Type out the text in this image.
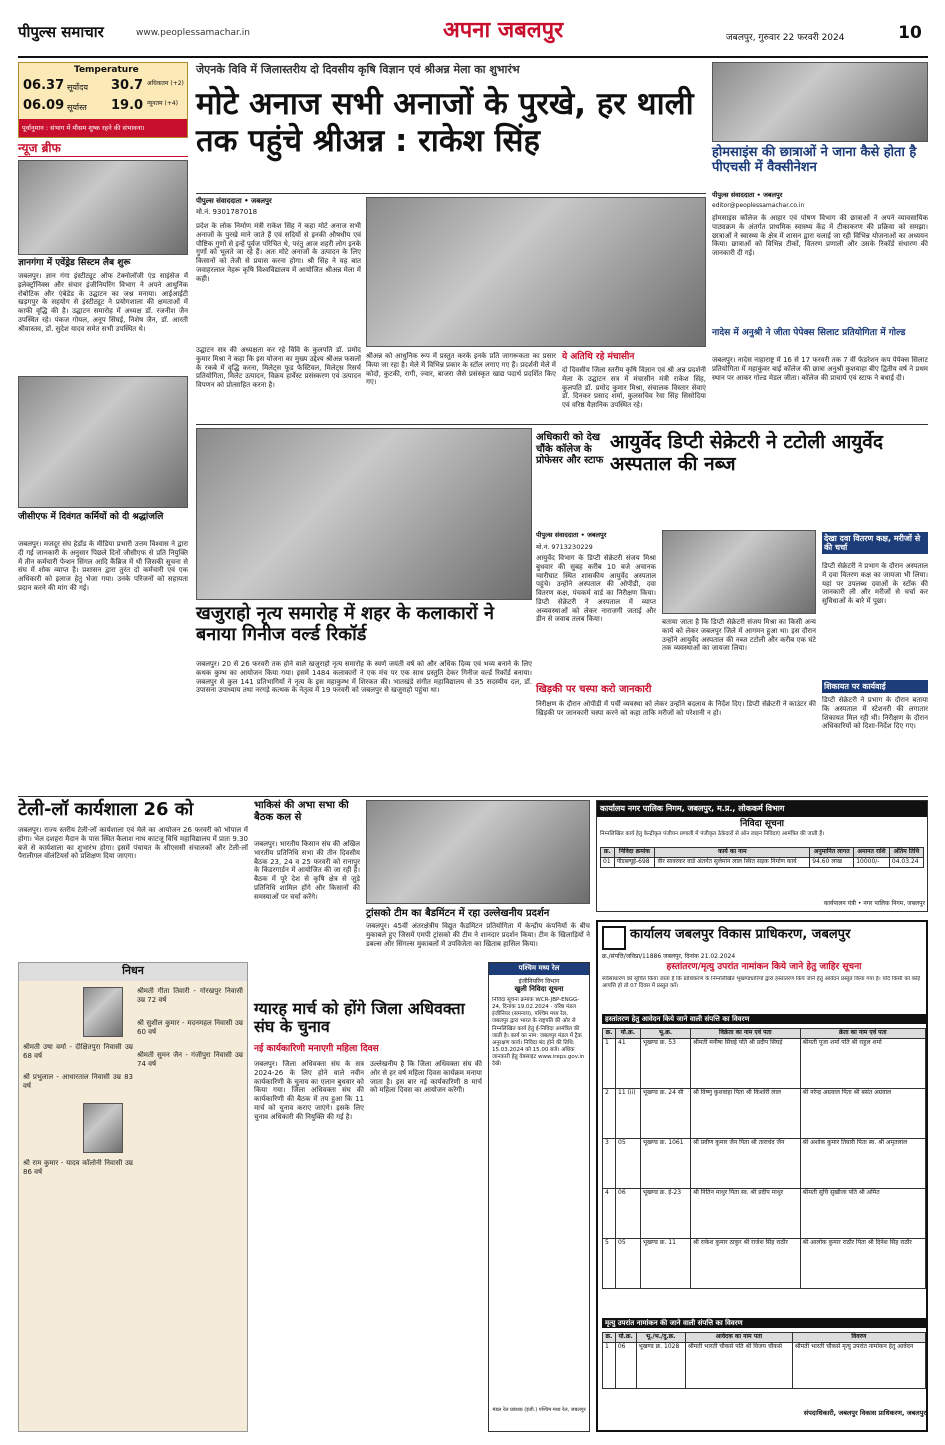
पीपुल्स समाचार	www.peoplessamachar.in	अपना जबलपुर	जबलपुर, गुरुवार 22 फरवरी 2024	10
Temperature
06.37 सूर्योदय 30.7 अधिकतम (+2)
06.09 सूर्यास्त 19.0 न्यूनतम (+4)
पूर्वानुमान : संभाग में मौसम शुष्क रहने की संभावना।
न्यूज ब्रीफ
ज्ञानगंगा में एवेंड्रेड सिस्टम लैब शुरू
जबलपुर। ज्ञान गंगा इंस्टीट्यूट ऑफ टेक्नोलॉजी एंड साइंसेज में इलेक्ट्रॉनिक्स और संचार इंजीनियरिंग विभाग ने अपने आधुनिक रोबोटिक और एंबेडेड के उद्घाटन का जश्न मनाया। आईआईटी खड़गपुर के सहयोग से इंस्टीट्यूट ने प्रयोगशाला की क्षमताओं में काफी वृद्धि की है। उद्घाटन समारोह में अध्यक्ष डॉ. रजनीश जैन उपस्थित रहे। पंकज गोयल, अनूप सिंघई, निशेष जैन, डॉ. आरती श्रीवास्तव, डॉ. सुदेश यादव समेत सभी उपस्थित थे।
जीसीएफ में दिवंगत कर्मियों को दी श्रद्धांजलि
जबलपुर। मजदूर संघ हेडोंड के मीडिया प्रभारी उत्तम विश्वास ने द्वारा दी गई जानकारी के अनुसार पिछले दिनों जीसीएफ से प्रति नियुक्ति में तीन कर्मचारी पेन्शन सिंगल आदि कैंब्रिज में थी जिसकी सूचना से संघ में शोक व्याप्त है। प्रशासन द्वारा तुरंत दो कर्मचारी एवं एक अधिकारी को इलाज हेतु भेजा गया। उनके परिजनों को सहायता प्रदान करने की मांग की गई।
जेएनके विवि में जिलास्तरीय दो दिवसीय कृषि विज्ञान एवं श्रीअन्न मेला का शुभारंभ
मोटे अनाज सभी अनाजों के पुरखे, हर थाली तक पहुंचे श्रीअन्न : राकेश सिंह
पीपुल्स संवाददाता • जबलपुर
मो.नं. 9301787018
प्रदेश के लोक निर्माण मंत्री राकेश सिंह ने कहा मोटे अनाज सभी अनाजों के पुरखे माने जाते हैं एवं सदियों से इनकी औषधीय एवं पौष्टिक गुणों से इन्हें पूर्वज परिचित थे, परंतु आज शहरी लोग इनके गुणों को भूलते जा रहे हैं। अतः मोटे अनाजों के उत्पादन के लिए किसानों को तेजी से प्रयास करना होगा। श्री सिंह ने यह बात जवाहरलाल नेहरू कृषि विश्वविद्यालय में आयोजित श्रीअन्न मेला में कही।
उद्घाटन सत्र की अध्यक्षता कर रहे विवि के कुलपति डॉ. प्रमोद कुमार मिश्रा ने कहा कि इस योजना का मुख्य उद्देश्य श्रीअन्न फसलों के रकबे में वृद्धि करना, मिलेट्स फूड फेस्टिवल, मिलेट्स रिसर्च प्रतियोगिता, मिलेट उत्पादन, विक्रय हार्वेस्ट प्रसंस्करण एवं उत्पादन विपणन को प्रोत्साहित करना है।
श्रीअन्न को आधुनिक रूप में प्रस्तुत करके इनके प्रति जागरूकता का प्रसार किया जा रहा है। मेले में विभिन्न प्रकार के स्टॉल लगाए गए हैं। प्रदर्शनी मेले में कोदो, कुटकी, रागी, ज्वार, बाजरा जैसे प्रसंस्कृत खाद्य पदार्थ प्रदर्शित किए गए।
ये अतिथि रहे मंचासीन
दो दिवसीय जिला स्तरीय कृषि विज्ञान एवं श्री अन्न प्रदर्शनी मेला के उद्घाटन सत्र में मंचासीन मंत्री राकेश सिंह, कुलपति डॉ. प्रमोद कुमार मिश्रा, संचालक विस्तार सेवाएं डॉ. दिनकर प्रसाद शर्मा, कुलसचिव रेवा सिंह सिसोदिया एवं वरिष्ठ वैज्ञानिक उपस्थित रहे।
होमसाइंस की छात्राओं ने जाना कैसे होता है पीएचसी में वैक्सीनेशन
पीपुल्स संवाददाता • जबलपुर
editor@peoplessamachar.co.in
होमसाइंस कॉलेज के आहार एवं पोषण विभाग की छात्राओं ने अपने व्यावसायिक पाठ्यक्रम के अंतर्गत प्राथमिक स्वास्थ्य केंद्र में टीकाकरण की प्रक्रिया को समझा। छात्राओं ने स्वास्थ्य के क्षेत्र में शासन द्वारा चलाई जा रही विभिन्न योजनाओं का अध्ययन किया। छात्राओं को विभिन्न टीकों, वितरण प्रणाली और उसके रिकॉर्ड संधारण की जानकारी दी गई।
नादेस में अनुश्री ने जीता पेपेक्स सिलाट प्रतियोगिता में गोल्ड
जबलपुर। नादेस नाहाराष्ट्र में 16 से 17 फरवरी तक 7 वीं फेडरेशन कप पेपेक्स सिलाट प्रतियोगिता में महाकुंवर बाई कॉलेज की छात्रा अनुश्री कुशवाहा बीए द्वितीय वर्ष ने प्रथम स्थान पर आकर गोल्ड मेडल जीता। कॉलेज की प्राचार्य एवं स्टाफ ने बधाई दी।
खजुराहो नृत्य समारोह में शहर के कलाकारों ने बनाया गिनीज वर्ल्ड रिकॉर्ड
जबलपुर। 20 से 26 फरवरी तक होने वाले खजुराहो नृत्य समारोह के स्वर्ण जयंती वर्ष को और अधिक दिव्य एवं भव्य बनाने के लिए कथक कुम्भ का आयोजन किया गया। इसमें 1484 कलाकारों ने एक मंच पर एक साथ प्रस्तुति देकर गिनीज वर्ल्ड रिकॉर्ड बनाया। जबलपुर से कुल 141 प्रतिभागियों ने नृत्य के इस महाकुम्भ में शिरकत की। भातखंडे संगीत महाविद्यालय से 35 सदस्यीय दल, डॉ. उपासना उपाध्याय तथा नरगड़े कत्थक के नेतृत्व में 19 फरवरी को जबलपुर से खजुराहो पहुंचा था।
अधिकारी को देख चौंके कॉलेज के प्रोफेसर और स्टाफ
आयुर्वेद डिप्टी सेक्रेटरी ने टटोली आयुर्वेद अस्पताल की नब्ज
पीपुल्स संवाददाता • जबलपुर
मो.नं. 9713230229
आयुर्वेद विभाग के डिप्टी सेक्रेटरी संजय मिश्रा बुधवार की सुबह करीब 10 बजे अचानक ग्वारीघाट स्थित शासकीय आयुर्वेद अस्पताल पहुंचे। उन्होंने अस्पताल की ओपीडी, दवा वितरण कक्ष, पंचकर्म वार्ड का निरीक्षण किया। डिप्टी सेक्रेटरी ने अस्पताल में व्याप्त अव्यवस्थाओं को लेकर नाराजगी जताई और डीन से जवाब तलब किया।	बताया जाता है कि डिप्टी सेक्रेटरी संजय मिश्रा का किसी अन्य कार्य को लेकर जबलपुर जिले में आगमन हुआ था। इस दौरान उन्होंने आयुर्वेद अस्पताल की नब्ज टटोली और करीब एक घंटे तक व्यवस्थाओं का जायजा लिया।
खिड़की पर चस्पा करो जानकारी
निरीक्षण के दौरान ओपीडी में पर्ची व्यवस्था को लेकर उन्होंने बदलाव के निर्देश दिए। डिप्टी सेक्रेटरी ने काउंटर की खिड़की पर जानकारी चस्पा करने को कहा ताकि मरीजों को परेशानी न हो।
देखा दवा वितरण कक्ष, मरीजों से की चर्चा
डिप्टी सेक्रेटरी ने प्रभाग के दौरान अस्पताल में दवा वितरण कक्ष का जायजा भी लिया। यहां पर उपलब्ध दवाओं के स्टॉक की जानकारी ली और मरीजों से चर्चा कर सुविधाओं के बारे में पूछा।
शिकायत पर कार्यवाई
डिप्टी सेक्रेटरी ने प्रभाग के दौरान बताया कि अस्पताल में स्टेशनरी की लगातार शिकायत मिल रही थी। निरीक्षण के दौरान अधिकारियों को दिशा-निर्देश दिए गए।
टेली-लॉ कार्यशाला 26 को
जबलपुर। राज्य स्तरीय टेली-लॉ कार्यशाला एवं मेले का आयोजन 26 फरवरी को भोपाल में होगा। भेल दशहरा मैदान के पास स्थित कैलाश नाथ काटजू विधि महाविद्यालय में प्रातः 9.30 बजे से कार्यशाला का शुभारंभ होगा। इसमें पंचायत के सीएससी संचालकों और टेली-लॉ पैरालीगल वॉलंटियर्स को प्रशिक्षण दिया जाएगा।
भाकिसं की अभा सभा की बैठक कल से
जबलपुर। भारतीय किसान संघ की अखिल भारतीय प्रतिनिधि सभा की तीन दिवसीय बैठक 23, 24 व 25 फरवरी को रानापुर के किंडरगार्डन में आयोजित की जा रही है। बैठक में पूरे देश से कृषि क्षेत्र से जुड़े प्रतिनिधि शामिल होंगे और किसानों की समस्याओं पर चर्चा करेंगे।
ट्रांसको टीम का बैडमिंटन में रहा उल्लेखनीय प्रदर्शन
जबलपुर। 45वीं अंतरक्षेत्रीय विद्युत कैडमिंटन प्रतियोगिता में केन्द्रीय कंपनियों के बीच मुकाबले हुए जिसमें एमपी ट्रांसको की टीम ने शानदार प्रदर्शन किया। टीम के खिलाड़ियों ने डबल्स और सिंगल्स मुकाबलों में उपविजेता का खिताब हासिल किया।
कार्यालय नगर पालिक निगम, जबलपुर, म.प्र., लोककर्म विभाग
निविदा सूचना
निम्नलिखित कार्य हेतु केन्द्रीकृत पंजीयन प्रणाली में पंजीकृत ठेकेदारों से ऑन लाइन निविदाएं आमंत्रित की जाती हैं।
क्र.	निविदा क्रमांक	कार्य का नाम	अनुमानित लागत	अमानत राशि	अंतिम तिथि
01	पीडब्ल्यूई-698	वीर सावरकर वार्ड अंतर्गत सुलेमान लाल स्थित सड़क निर्माण कार्य	94.60 लाख	10000/-	04.03.24
कार्यपालन यंत्री • नगर पालिक निगम, जबलपुर
निधन
श्रीमती उषा वर्मा - दीक्षितपुरा निवासी उम्र 68 वर्ष
श्री प्रभुलाल - आधारताल निवासी उम्र 83 वर्ष
श्री राम कुमार - यादव कॉलोनी निवासी उम्र 86 वर्ष
श्रीमती गीता तिवारी - गोरखपुर निवासी उम्र 72 वर्ष
श्री सुशील कुमार - मदनमहल निवासी उम्र 60 वर्ष
श्रीमती सुमन जैन - गंजीपुरा निवासी उम्र 74 वर्ष
ग्यारह मार्च को होंगे जिला अधिवक्ता संघ के चुनाव
नई कार्यकारिणी मनाएगी महिला दिवस
जबलपुर। जिला अधिवक्ता संघ के सत्र 2024-26 के लिए होने वाले नवीन कार्यकारिणी के चुनाव का एलान बुधवार को किया गया। जिला अधिवक्ता संघ की कार्यकारिणी की बैठक में तय हुआ कि 11 मार्च को चुनाव कराए जाएंगे। इसके लिए चुनाव अधिकारी की नियुक्ति की गई है।
उल्लेखनीय है कि जिला अधिवक्ता संघ की ओर से हर वर्ष महिला दिवस कार्यक्रम मनाया जाता है। इस बार नई कार्यकारिणी 8 मार्च को महिला दिवस का आयोजन करेगी।
पश्चिम मध्य रेल
इंजीनियरिंग विभाग
खुली निविदा सूचना
निविदा सूचना क्रमांक WCR-JBP-ENGG-24, दिनांक 19.02.2024 - वरिष्ठ मंडल इंजीनियर (समन्वय), पश्चिम मध्य रेल, जबलपुर द्वारा भारत के राष्ट्रपति की ओर से निम्नलिखित कार्य हेतु ई-निविदा आमंत्रित की जाती है। कार्य का नाम: जबलपुर मंडल में ट्रैक अनुरक्षण कार्य। निविदा बंद होने की तिथि: 15.03.2024 को 15.00 बजे। अधिक जानकारी हेतु वेबसाइट www.ireps.gov.in देखें।
मंडल रेल प्रबंधक (इंजी.) पश्चिम मध्य रेल, जबलपुर
कार्यालय जबलपुर विकास प्राधिकरण, जबलपुर
क्र./संपत्ति/जविप्रा/11886 जबलपुर, दिनांक 21.02.2024
हस्तांतरण/मृत्यु उपरांत नामांकन किये जाने हेतु जाहिर सूचना
सर्वसाधारण को सूचित किया जाता है कि प्राधिकरण के निम्नलिखित भूखण्डधारियों द्वारा हस्तांतरण किये जाने हेतु आवेदन प्रस्तुत किया गया है। यदि किसी को कोई आपत्ति हो तो 07 दिवस में प्रस्तुत करें।
हस्तांतरण हेतु आवेदन किये जाने वाली संपत्ति का विवरण
क्र.	यो.क्र.	भू.क्र.	विक्रेता का नाम एवं पता	क्रेता का नाम एवं पता
1	41	भूखण्ड क्र. 53	श्रीमती मनीषा सिंघई पति श्री प्रदीप सिंघई	श्रीमती पूजा शर्मा पति श्री राहुल शर्मा
2	11 (ii)	भूखण्ड क्र. 24 सी	श्री विष्णु कुशवाहा पिता श्री किशोरी लाल	श्री नरेन्द्र अग्रवाल पिता श्री बसंत अग्रवाल
3	05	भूखण्ड क्र. 1061	श्री प्रवीण कुमार जैन पिता श्री ताराचंद जैन	श्री अशोक कुमार तिवारी पिता स्व. श्री अमृतलाल
4	06	भूखण्ड क्र. ई-23	श्री नितिन माथुर पिता स्व. श्री प्रदीप माथुर	श्रीमती सुचि सुखीजा पति श्री अमित
5	05	भूखण्ड क्र. 11	श्री राकेश कुमार ठाकुर श्री राजेश सिंह राठौर	श्री आलोक कुमार राठौर पिता श्री दिनेश सिंह राठौर
मृत्यु उपरांत नामांकन की जाने वाली संपत्ति का विवरण
क्र.	यो.क्र.	भू./भ./दु.क्र.	आवेदक का नाम पता	विवरण
1	06	भूखण्ड क्र. 1028	श्रीमती भारती चौकसे पति श्री विजय चौकसे	श्रीमती भारती चौकसे मृत्यु उपरांत नामांकन हेतु आवेदन
संपदाधिकारी, जबलपुर विकास प्राधिकरण, जबलपुर
